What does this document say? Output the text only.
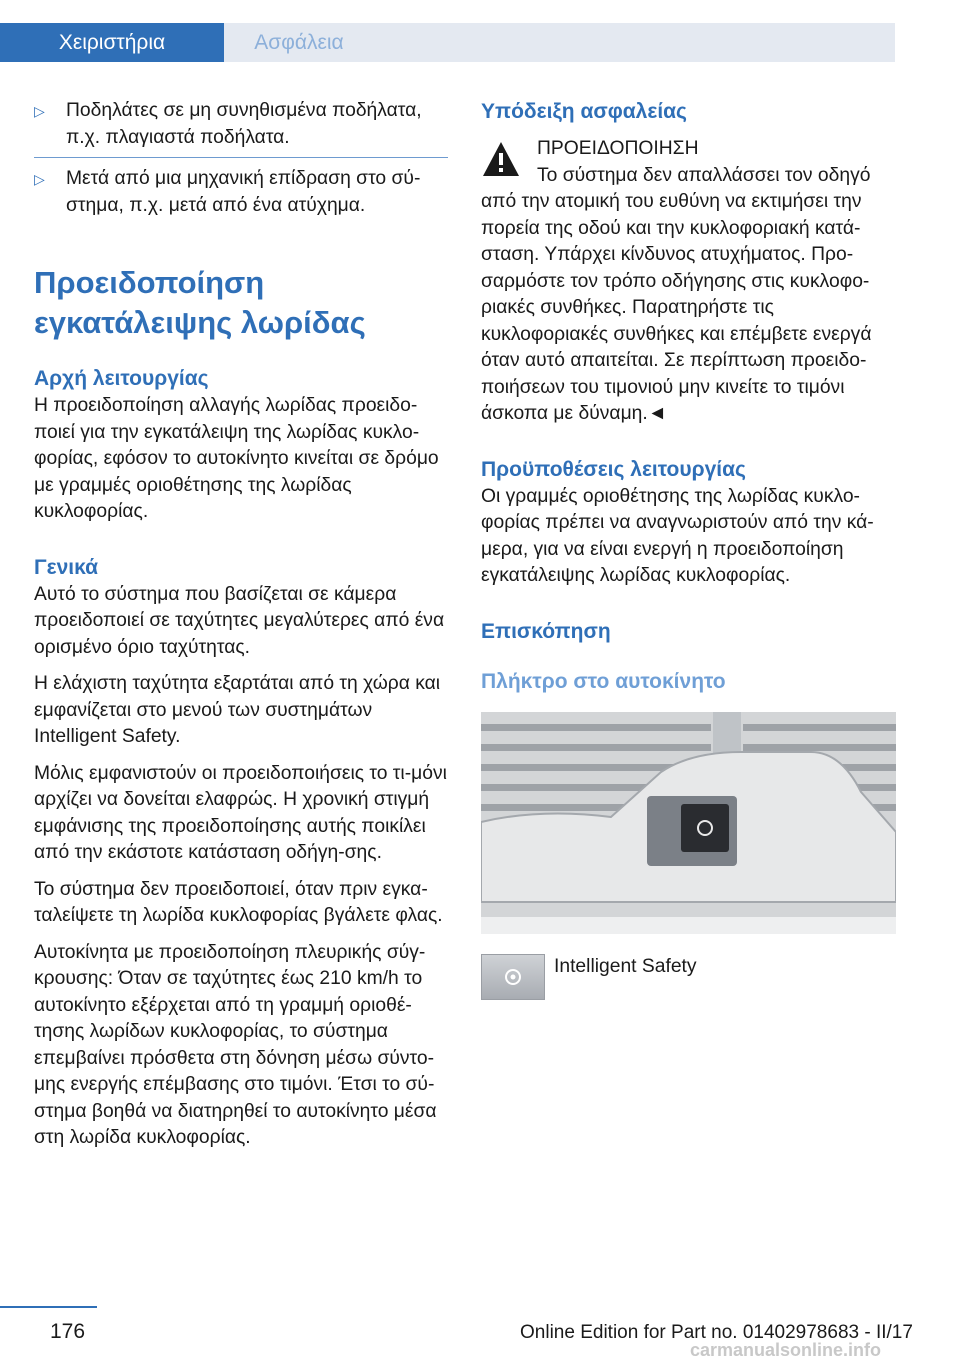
Χειριστήρια	Ασφάλεια
▷ Ποδηλάτες σε μη συνηθισμένα ποδήλατα, π.χ. πλαγιαστά ποδήλατα.
▷ Μετά από μια μηχανική επίδραση στο σύ-στημα, π.χ. μετά από ένα ατύχημα.
Προειδοποίηση εγκατάλειψης λωρίδας
Αρχή λειτουργίας

Η προειδοποίηση αλλαγής λωρίδας προειδο-ποιεί για την εγκατάλειψη της λωρίδας κυκλο-φορίας, εφόσον το αυτοκίνητο κινείται σε δρόμο με γραμμές οριοθέτησης της λωρίδας κυκλοφορίας.

Γενικά

Αυτό το σύστημα που βασίζεται σε κάμερα προειδοποιεί σε ταχύτητες μεγαλύτερες από ένα ορισμένο όριο ταχύτητας.

Η ελάχιστη ταχύτητα εξαρτάται από τη χώρα και εμφανίζεται στο μενού των συστημάτων Intelligent Safety.

Μόλις εμφανιστούν οι προειδοποιήσεις το τι-μόνι αρχίζει να δονείται ελαφρώς. Η χρονική στιγμή εμφάνισης της προειδοποίησης αυτής ποικίλει από την εκάστοτε κατάσταση οδήγη-σης.

Το σύστημα δεν προειδοποιεί, όταν πριν εγκα-ταλείψετε τη λωρίδα κυκλοφορίας βγάλετε φλας.

Αυτοκίνητα με προειδοποίηση πλευρικής σύγ-κρουσης: Όταν σε ταχύτητες έως 210 km/h το αυτοκίνητο εξέρχεται από τη γραμμή οριοθέ-τησης λωρίδων κυκλοφορίας, το σύστημα επεμβαίνει πρόσθετα στη δόνηση μέσω σύντο-μης ενεργής επέμβασης στο τιμόνι. Έτσι το σύ-στημα βοηθά να διατηρηθεί το αυτοκίνητο μέσα στη λωρίδα κυκλοφορίας.

Υπόδειξη ασφαλείας

ΠΡΟΕΙΔΟΠΟΙΗΣΗ

Το σύστημα δεν απαλλάσσει τον οδηγό από την ατομική του ευθύνη να εκτιμήσει την πορεία της οδού και την κυκλοφοριακή κατά-σταση. Υπάρχει κίνδυνος ατυχήματος. Προ-σαρμόστε τον τρόπο οδήγησης στις κυκλοφο-ριακές συνθήκες. Παρατηρήστε τις κυκλοφοριακές συνθήκες και επέμβετε ενεργά όταν αυτό απαιτείται. Σε περίπτωση προειδο-ποιήσεων του τιμονιού μην κινείτε το τιμόνι άσκοπα με δύναμη.◄

Προϋποθέσεις λειτουργίας

Οι γραμμές οριοθέτησης της λωρίδας κυκλο-φορίας πρέπει να αναγνωριστούν από την κά-μερα, για να είναι ενεργή η προειδοποίηση εγκατάλειψης λωρίδας κυκλοφορίας.

Επισκόπηση
Πλήκτρο στο αυτοκίνητο
Intelligent Safety
176	Online Edition for Part no. 01402978683 - II/17
carmanualsonline.info
